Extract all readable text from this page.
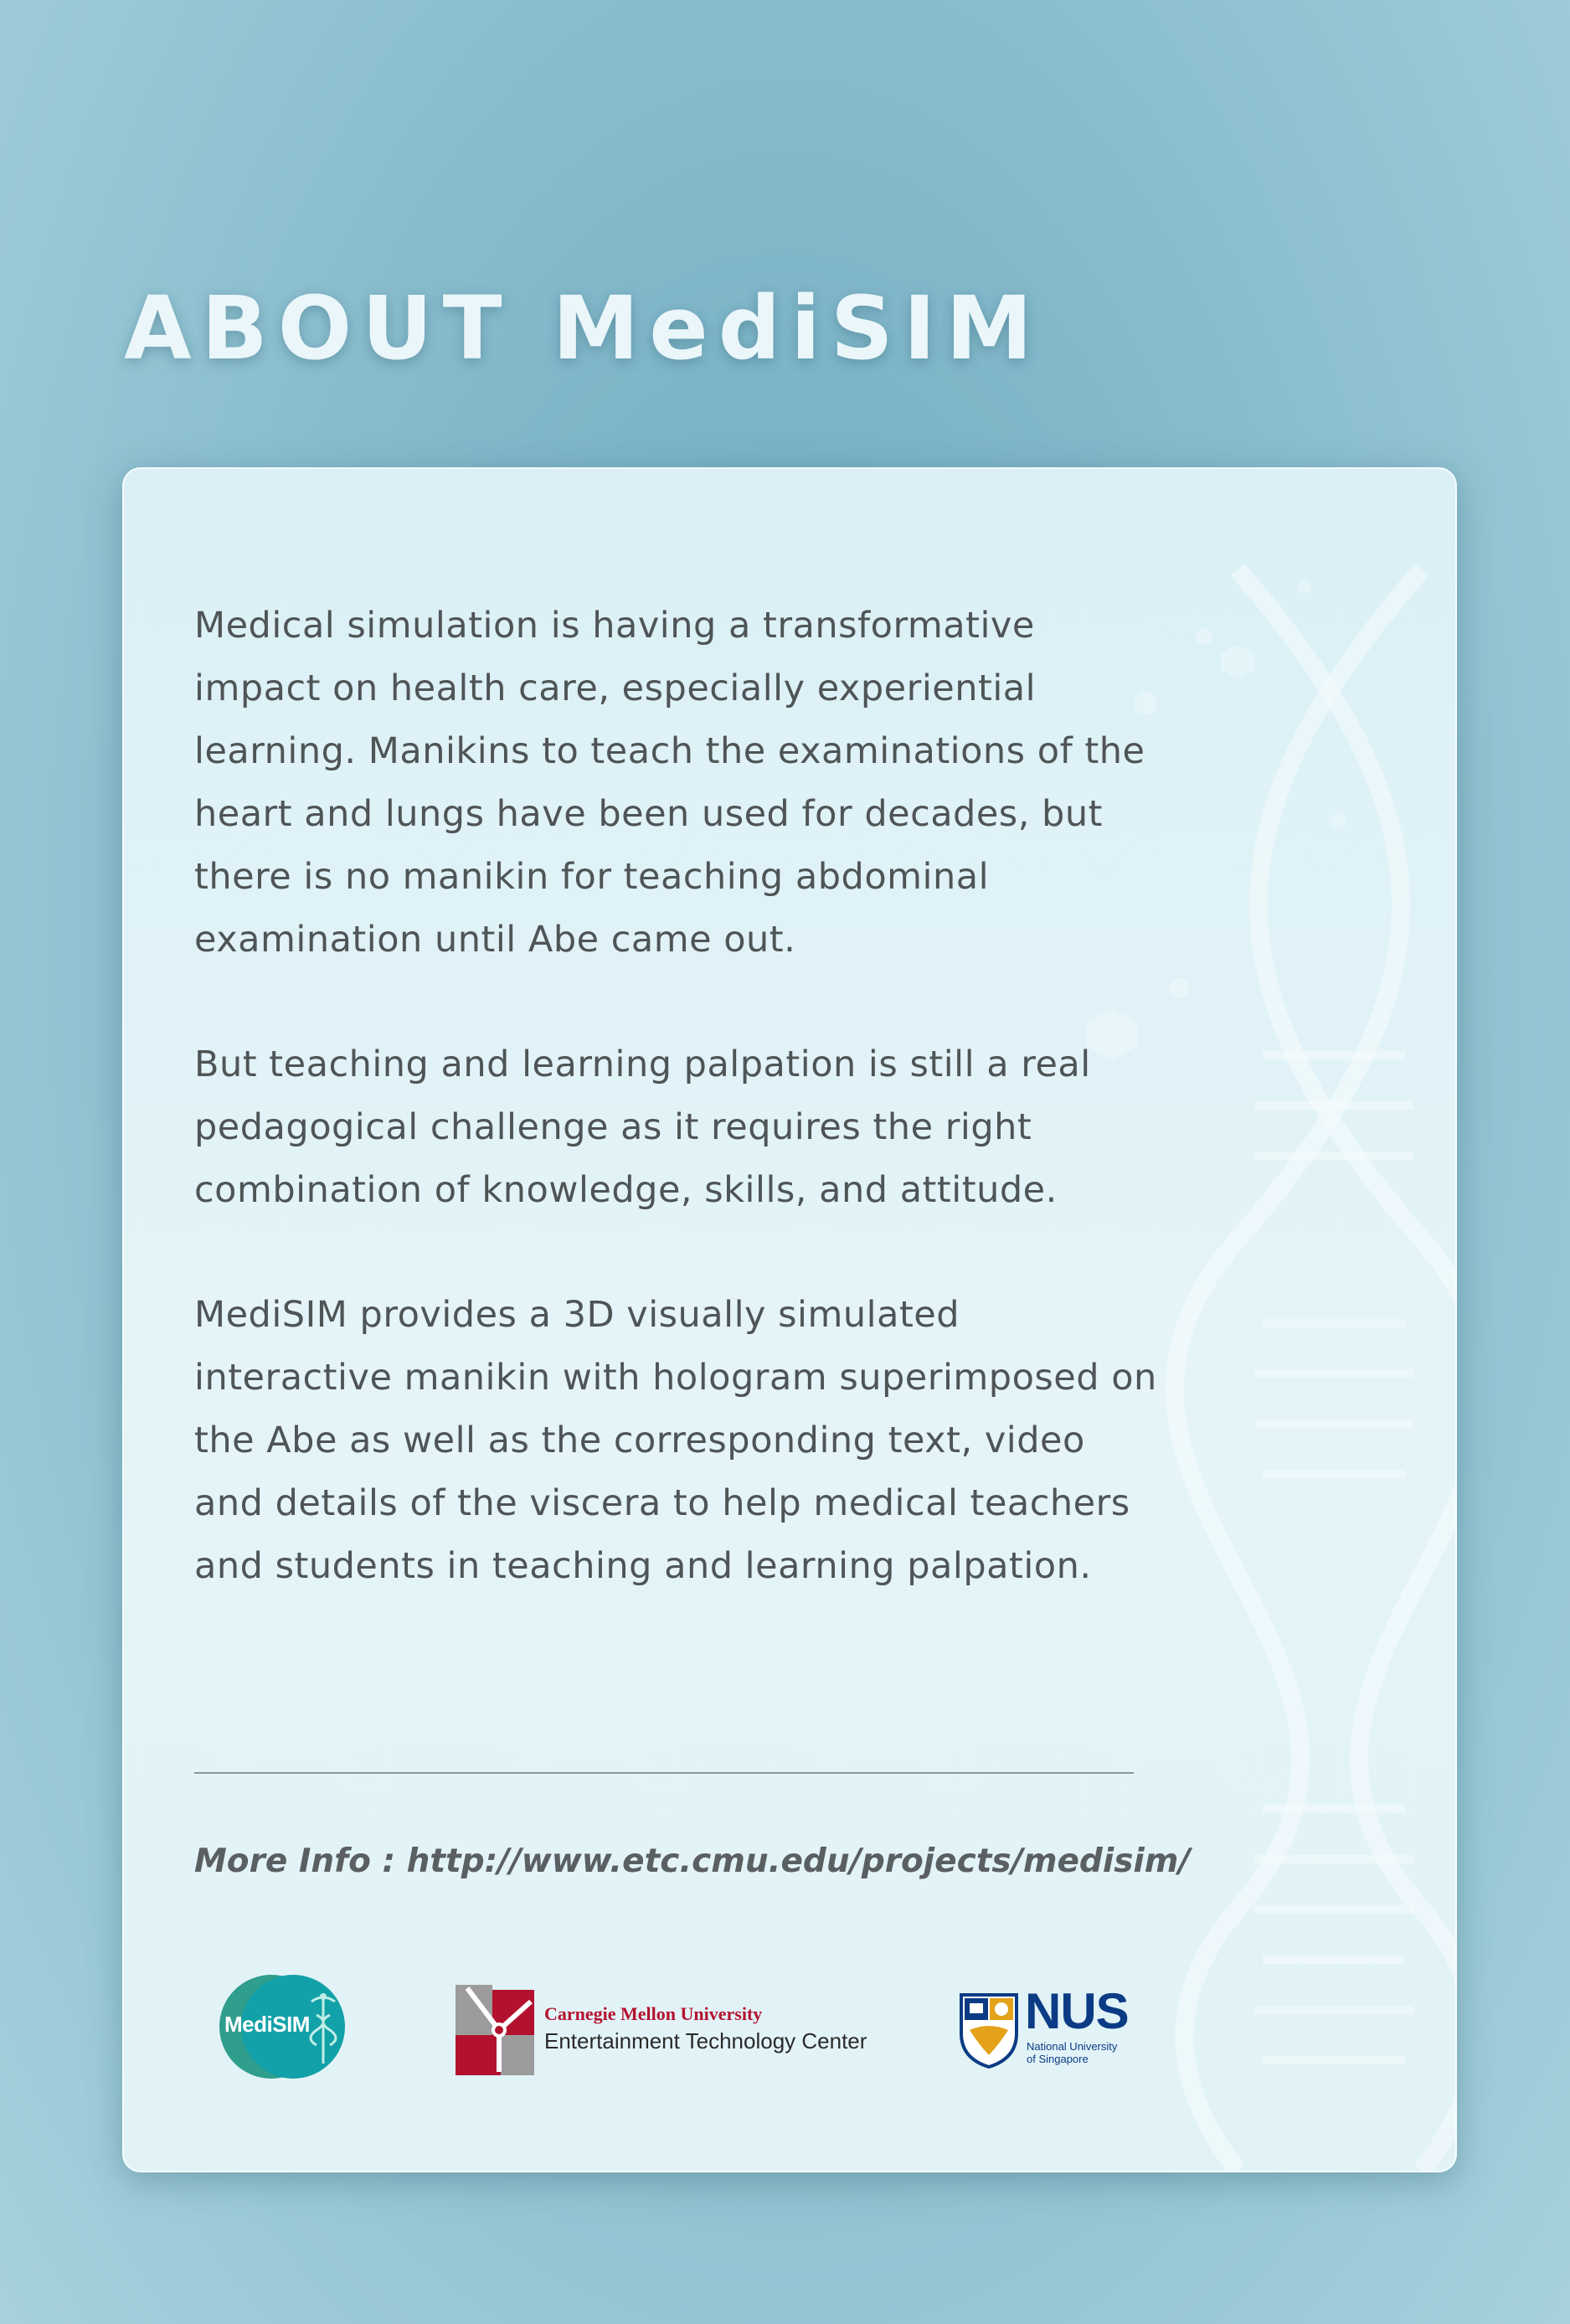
ABOUT MediSIM

Medical simulation is having a transformative impact on health care, especially experiential learning. Manikins to teach the examinations of the heart and lungs have been used for decades, but there is no manikin for teaching abdominal examination until Abe came out.

But teaching and learning palpation is still a real pedagogical challenge as it requires the right combination of knowledge, skills, and attitude.

MediSIM provides a 3D visually simulated interactive manikin with hologram superimposed on the Abe as well as the corresponding text, video and details of the viscera to help medical teachers and students in teaching and learning palpation.

More Info : http://www.etc.cmu.edu/projects/medisim/

MediSIM	Carnegie Mellon University
Entertainment Technology Center
NUS
National University
of Singapore
